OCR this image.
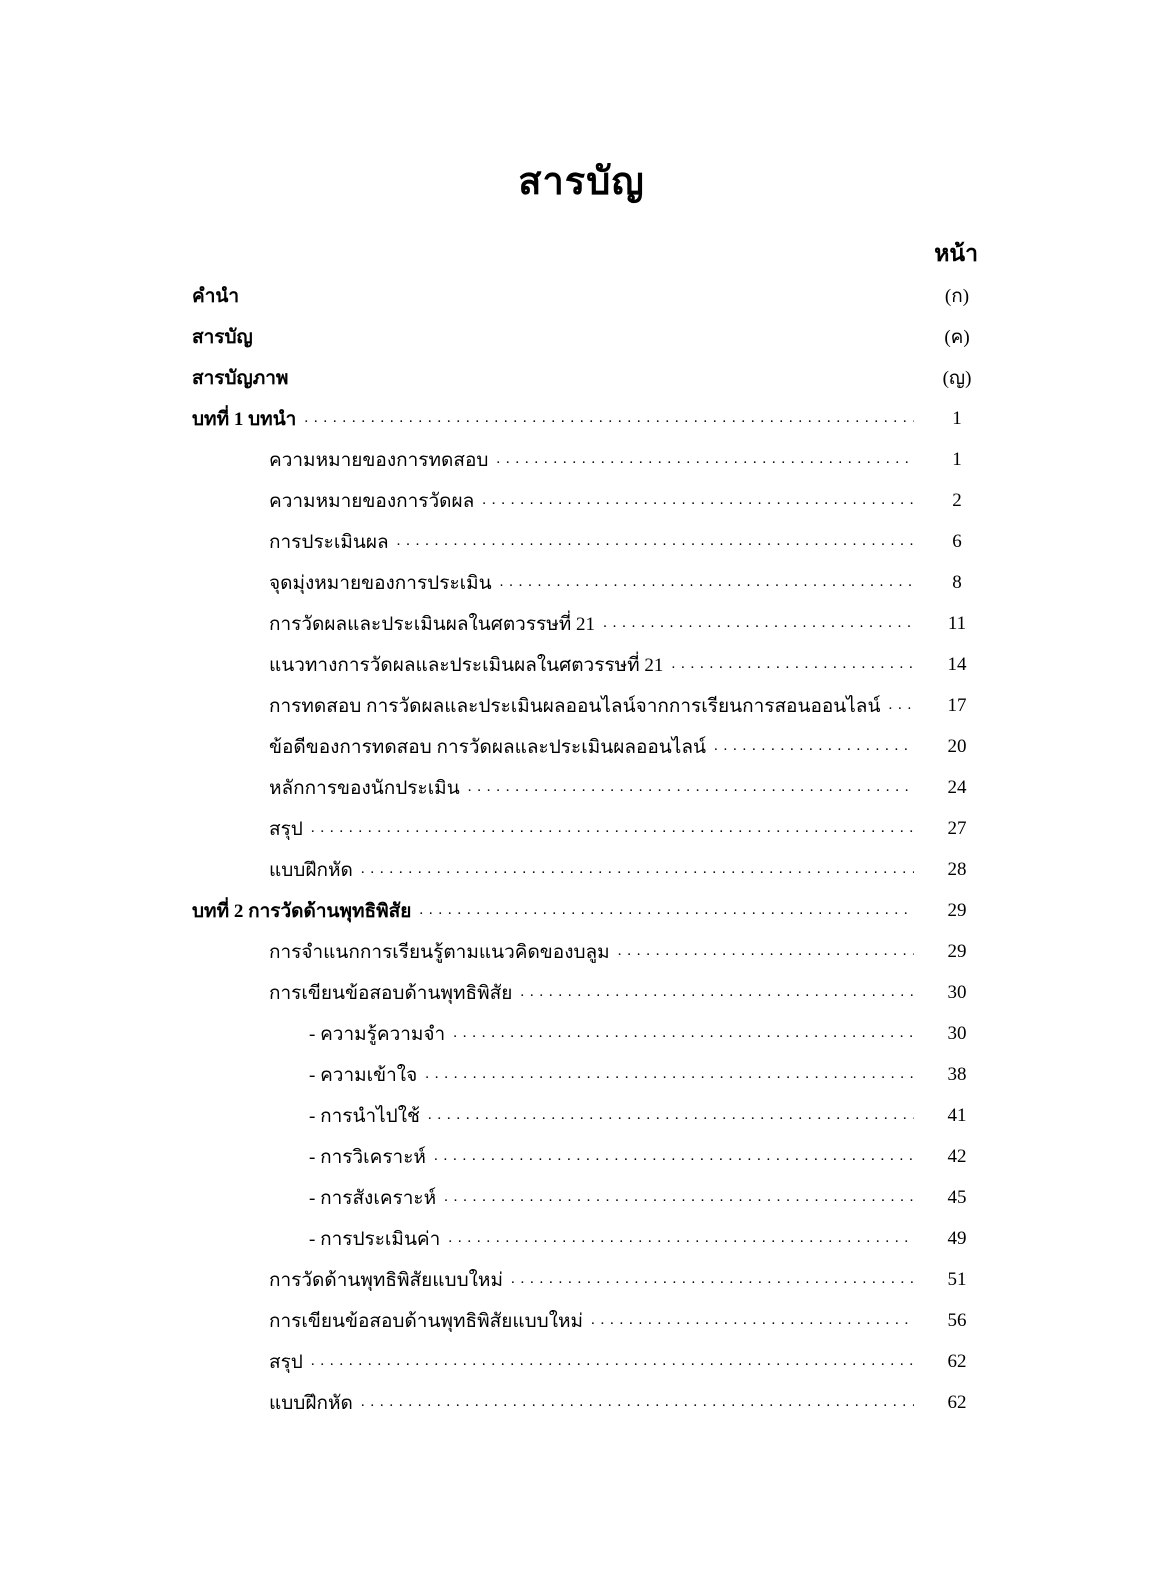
สารบัญ
หน้า
คำนำ	(ก)
สารบัญ	(ค)
สารบัญภาพ	(ญ)
บทที่ 1 บทนำ . . .	1
ความหมายของการทดสอบ . . .	1
ความหมายของการวัดผล . . .	2
การประเมินผล . . .	6
จุดมุ่งหมายของการประเมิน . . .	8
การวัดผลและประเมินผลในศตวรรษที่ 21 . . .	11
แนวทางการวัดผลและประเมินผลในศตวรรษที่ 21 . . .	14
การทดสอบ การวัดผลและประเมินผลออนไลน์จากการเรียนการสอนออนไลน์ . . .	17
ข้อดีของการทดสอบ การวัดผลและประเมินผลออนไลน์ . . .	20
หลักการของนักประเมิน . . .	24
สรุป . . .	27
แบบฝึกหัด . . .	28
บทที่ 2 การวัดด้านพุทธิพิสัย . . .	29
การจำแนกการเรียนรู้ตามแนวคิดของบลูม . . .	29
การเขียนข้อสอบด้านพุทธิพิสัย . . .	30
- ความรู้ความจำ . . .	30
- ความเข้าใจ . . .	38
- การนำไปใช้ . . .	41
- การวิเคราะห์ . . .	42
- การสังเคราะห์ . . .	45
- การประเมินค่า . . .	49
การวัดด้านพุทธิพิสัยแบบใหม่ . . .	51
การเขียนข้อสอบด้านพุทธิพิสัยแบบใหม่ . . .	56
สรุป . . .	62
แบบฝึกหัด . . .	62
